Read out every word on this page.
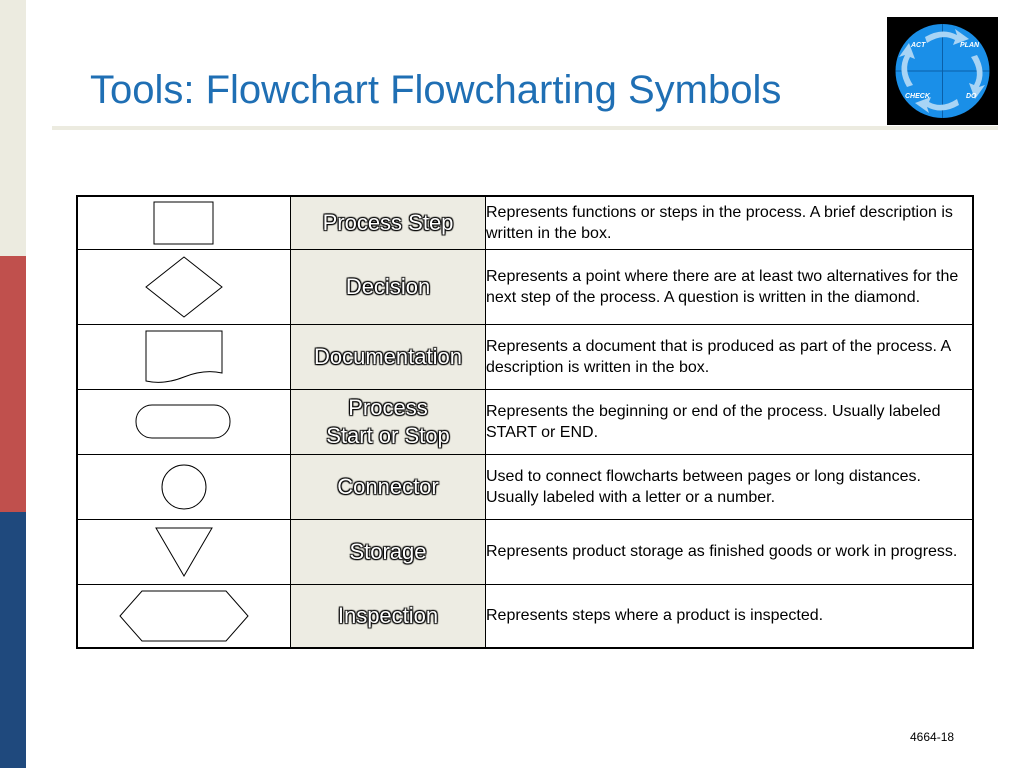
Tools: Flowchart Flowcharting Symbols
ACT	PLAN
CHECK	DO
	Process Step	Represents functions or steps in the process. A brief description is written in the box.

	Decision	Represents a point where there are at least two alternatives for the next step of the process. A question is written in the diamond.

	Documentation	Represents a document that is produced as part of the process. A description is written in the box.

Process
Start or Stop	Represents the beginning or end of the process. Usually labeled START or END.

	Connector	Used to connect flowcharts between pages or long distances. Usually labeled with a letter or a number.

	Storage	Represents product storage as finished goods or work in progress.

	Inspection	Represents steps where a product is inspected.
4664-18
